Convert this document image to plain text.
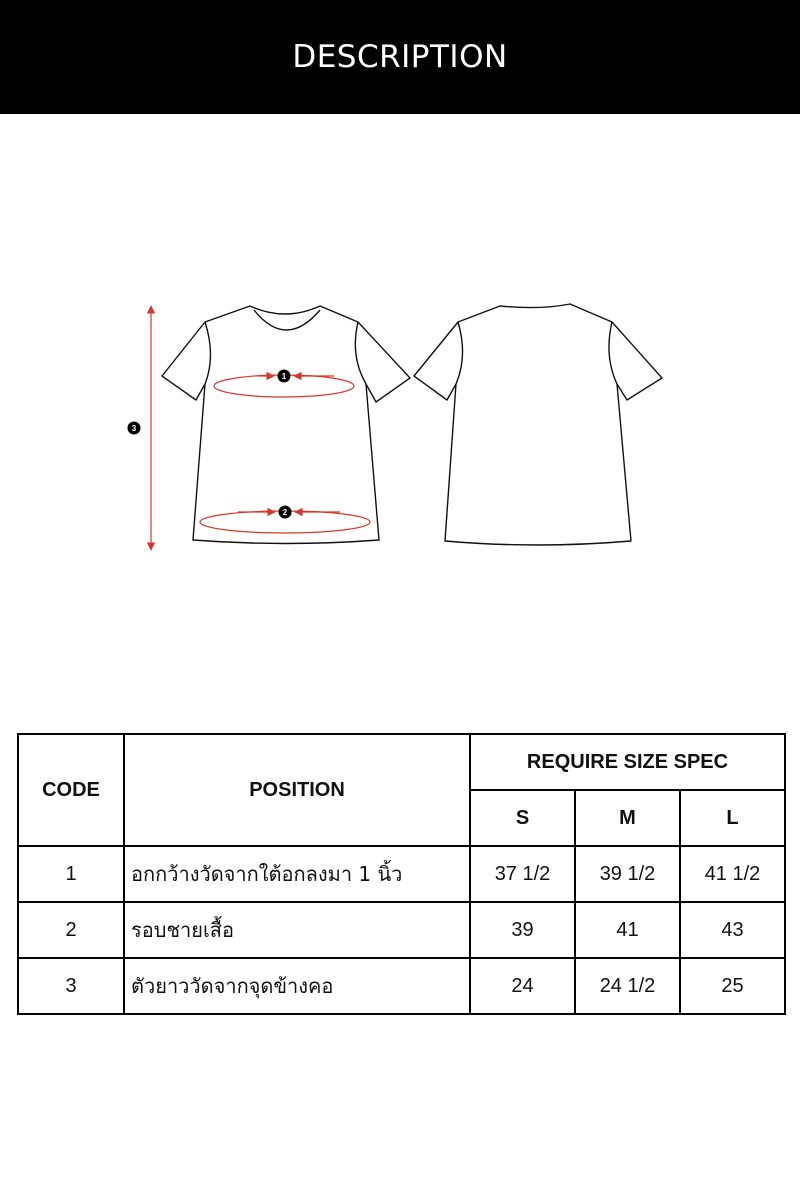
DESCRIPTION
1
2
3
CODE	POSITION	REQUIRE SIZE SPEC		
		S	M	L
1	อกกว้างวัดจากใต้อกลงมา 1 นิ้ว	37 1/2	39 1/2	41 1/2
2	รอบชายเสื้อ	39	41	43
3	ตัวยาววัดจากจุดข้างคอ	24	24 1/2	25
